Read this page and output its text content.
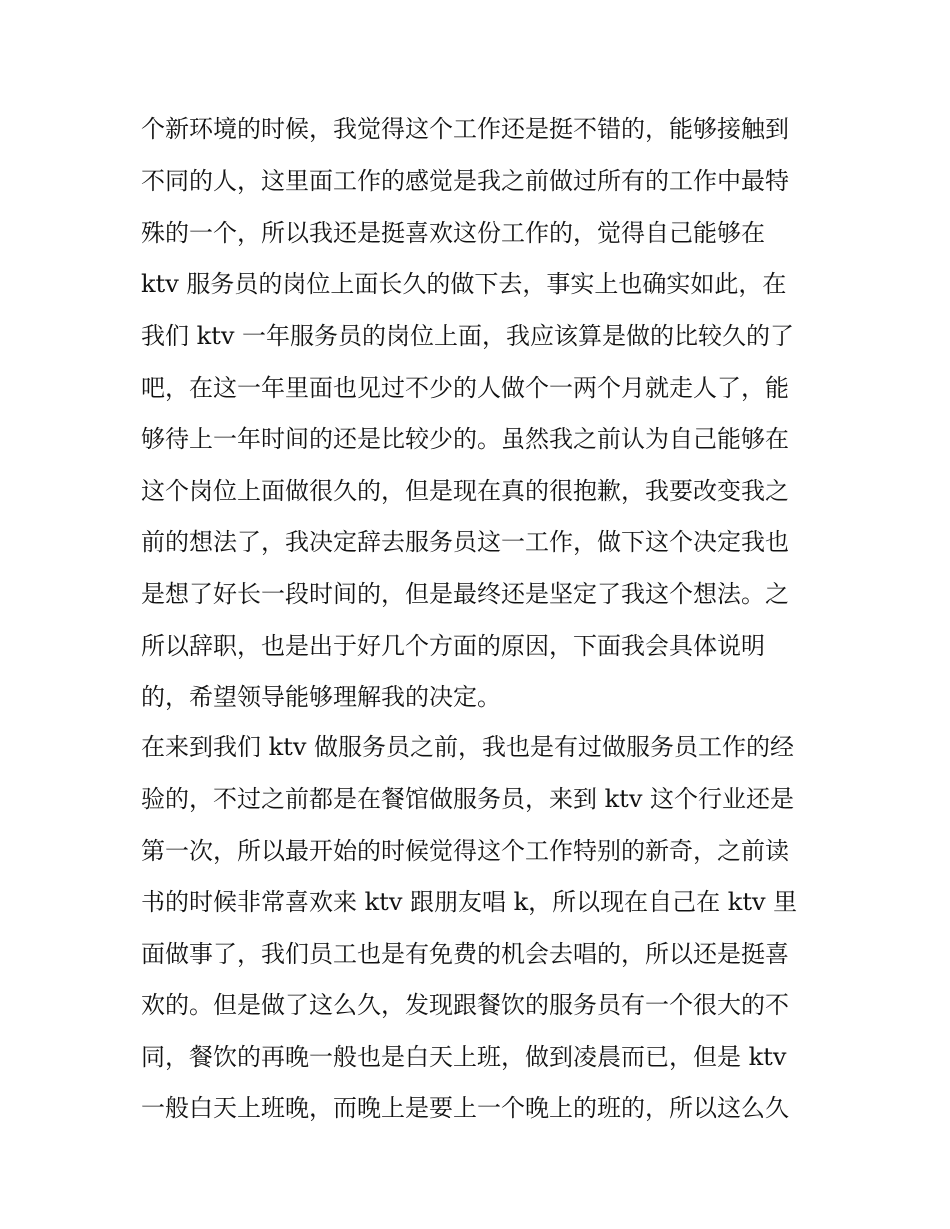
个新环境的时候，我觉得这个工作还是挺不错的，能够接触到
不同的人，这里面工作的感觉是我之前做过所有的工作中最特
殊的一个，所以我还是挺喜欢这份工作的，觉得自己能够在
ktv 服务员的岗位上面长久的做下去，事实上也确实如此，在
我们 ktv 一年服务员的岗位上面，我应该算是做的比较久的了
吧，在这一年里面也见过不少的人做个一两个月就走人了，能
够待上一年时间的还是比较少的。虽然我之前认为自己能够在
这个岗位上面做很久的，但是现在真的很抱歉，我要改变我之
前的想法了，我决定辞去服务员这一工作，做下这个决定我也
是想了好长一段时间的，但是最终还是坚定了我这个想法。之
所以辞职，也是出于好几个方面的原因，下面我会具体说明
的，希望领导能够理解我的决定。
在来到我们 ktv 做服务员之前，我也是有过做服务员工作的经
验的，不过之前都是在餐馆做服务员，来到 ktv 这个行业还是
第一次，所以最开始的时候觉得这个工作特别的新奇，之前读
书的时候非常喜欢来 ktv 跟朋友唱 k，所以现在自己在 ktv 里
面做事了，我们员工也是有免费的机会去唱的，所以还是挺喜
欢的。但是做了这么久，发现跟餐饮的服务员有一个很大的不
同，餐饮的再晚一般也是白天上班，做到凌晨而已，但是 ktv
一般白天上班晚，而晚上是要上一个晚上的班的，所以这么久
